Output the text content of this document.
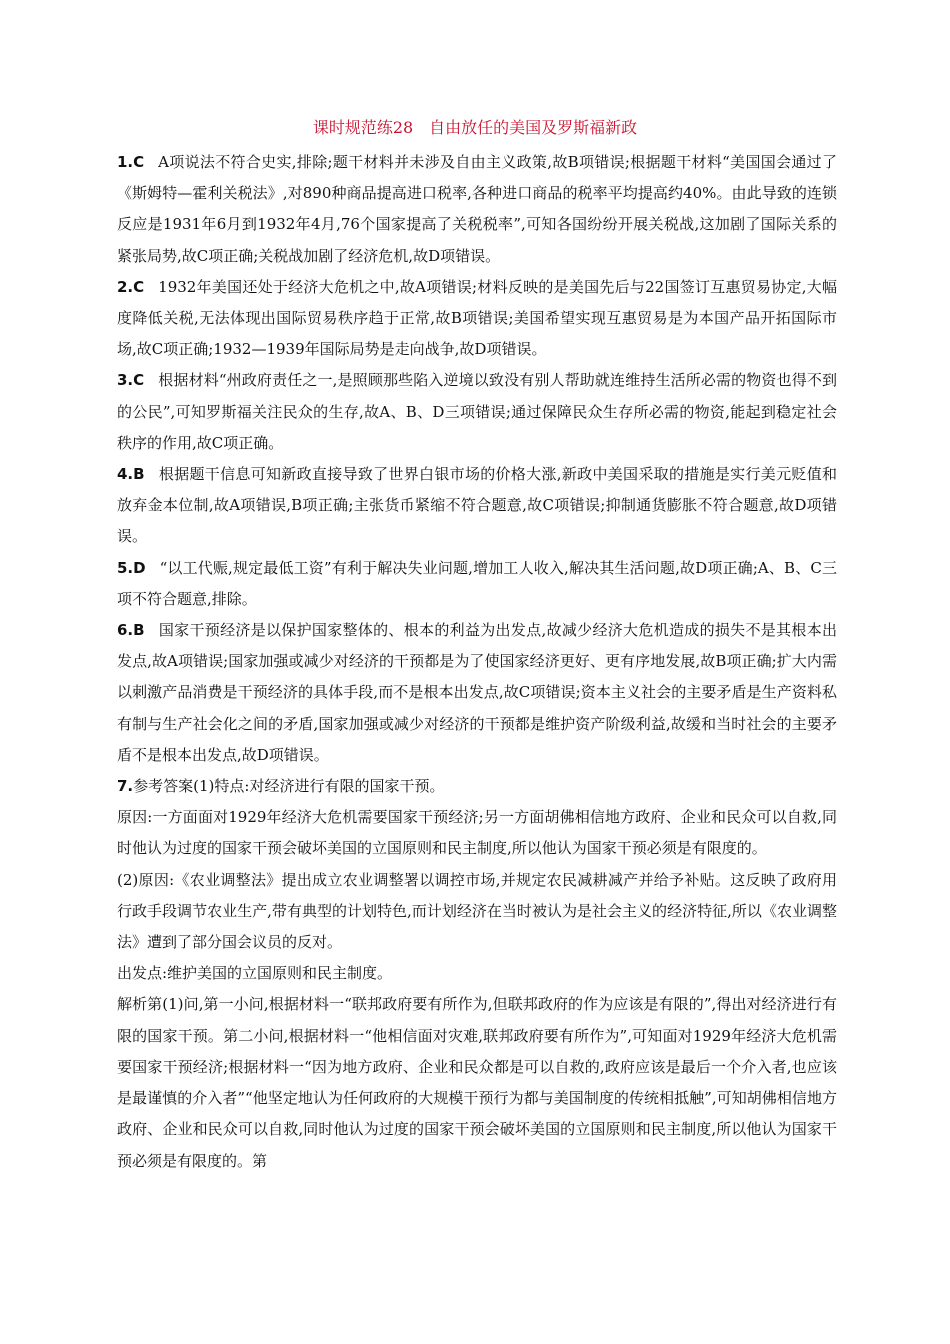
课时规范练28　自由放任的美国及罗斯福新政
1.C A项说法不符合史实,排除;题干材料并未涉及自由主义政策,故B项错误;根据题干材料“美国国会通过了《斯姆特—霍利关税法》,对890种商品提高进口税率,各种进口商品的税率平均提高约40%。由此导致的连锁反应是1931年6月到1932年4月,76个国家提高了关税税率”,可知各国纷纷开展关税战,这加剧了国际关系的紧张局势,故C项正确;关税战加剧了经济危机,故D项错误。
2.C 1932年美国还处于经济大危机之中,故A项错误;材料反映的是美国先后与22国签订互惠贸易协定,大幅度降低关税,无法体现出国际贸易秩序趋于正常,故B项错误;美国希望实现互惠贸易是为本国产品开拓国际市场,故C项正确;1932—1939年国际局势是走向战争,故D项错误。
3.C 根据材料“州政府责任之一,是照顾那些陷入逆境以致没有别人帮助就连维持生活所必需的物资也得不到的公民”,可知罗斯福关注民众的生存,故A、B、D三项错误;通过保障民众生存所必需的物资,能起到稳定社会秩序的作用,故C项正确。
4.B 根据题干信息可知新政直接导致了世界白银市场的价格大涨,新政中美国采取的措施是实行美元贬值和放弃金本位制,故A项错误,B项正确;主张货币紧缩不符合题意,故C项错误;抑制通货膨胀不符合题意,故D项错误。
5.D “以工代赈,规定最低工资”有利于解决失业问题,增加工人收入,解决其生活问题,故D项正确;A、B、C三项不符合题意,排除。
6.B 国家干预经济是以保护国家整体的、根本的利益为出发点,故减少经济大危机造成的损失不是其根本出发点,故A项错误;国家加强或减少对经济的干预都是为了使国家经济更好、更有序地发展,故B项正确;扩大内需以刺激产品消费是干预经济的具体手段,而不是根本出发点,故C项错误;资本主义社会的主要矛盾是生产资料私有制与生产社会化之间的矛盾,国家加强或减少对经济的干预都是维护资产阶级利益,故缓和当时社会的主要矛盾不是根本出发点,故D项错误。
7.参考答案(1)特点:对经济进行有限的国家干预。
原因:一方面面对1929年经济大危机需要国家干预经济;另一方面胡佛相信地方政府、企业和民众可以自救,同时他认为过度的国家干预会破坏美国的立国原则和民主制度,所以他认为国家干预必须是有限度的。
(2)原因:《农业调整法》提出成立农业调整署以调控市场,并规定农民减耕减产并给予补贴。这反映了政府用行政手段调节农业生产,带有典型的计划特色,而计划经济在当时被认为是社会主义的经济特征,所以《农业调整法》遭到了部分国会议员的反对。
出发点:维护美国的立国原则和民主制度。
解析第(1)问,第一小问,根据材料一“联邦政府要有所作为,但联邦政府的作为应该是有限的”,得出对经济进行有限的国家干预。第二小问,根据材料一“他相信面对灾难,联邦政府要有所作为”,可知面对1929年经济大危机需要国家干预经济;根据材料一“因为地方政府、企业和民众都是可以自救的,政府应该是最后一个介入者,也应该是最谨慎的介入者”“他坚定地认为任何政府的大规模干预行为都与美国制度的传统相抵触”,可知胡佛相信地方政府、企业和民众可以自救,同时他认为过度的国家干预会破坏美国的立国原则和民主制度,所以他认为国家干预必须是有限度的。第
